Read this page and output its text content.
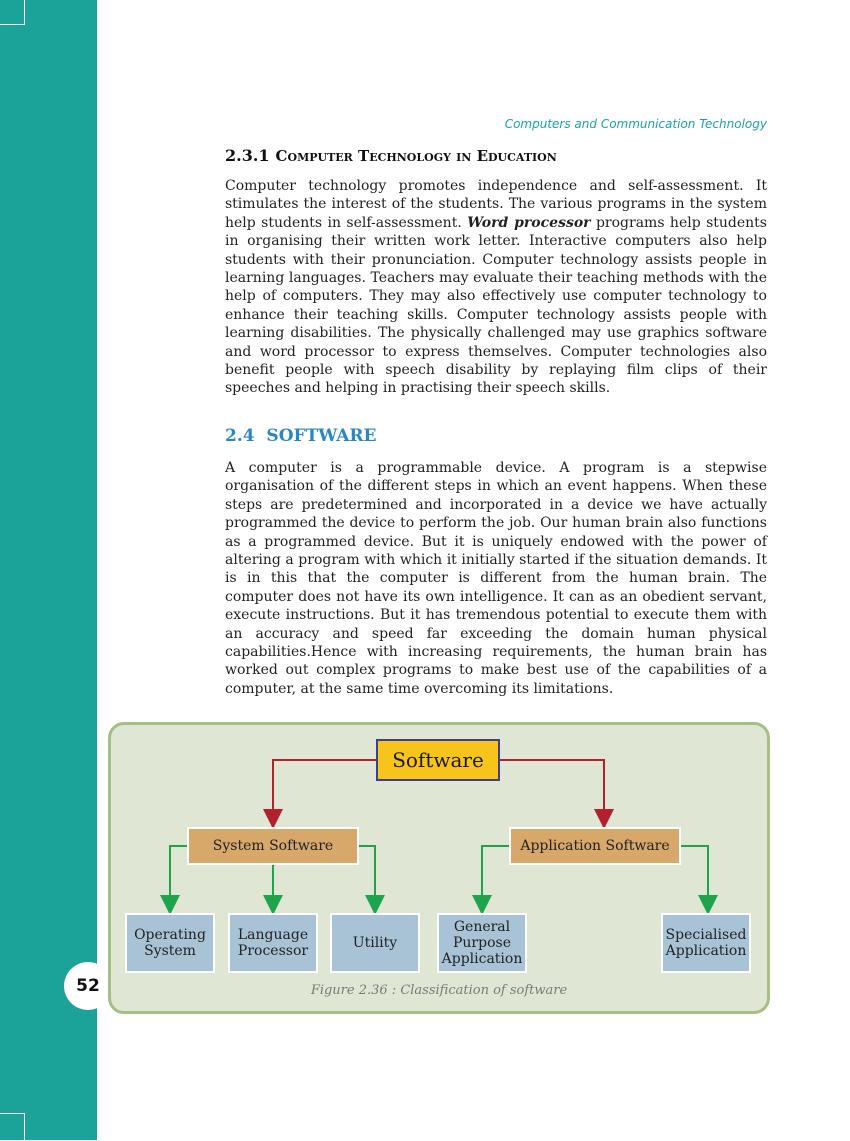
52
Computers and Communication Technology
2.3.1 Computer Technology in Education
Computer technology promotes independence and self-assessment. It stimulates the interest of the students. The various programs in the system help students in self-assessment. Word processor programs help students in organising their written work letter. Interactive computers also help students with their pronunciation. Computer technology assists people in learning languages. Teachers may evaluate their teaching methods with the help of computers. They may also effectively use computer technology to enhance their teaching skills. Computer technology assists people with learning disabilities. The physically challenged may use graphics software and word processor to express themselves. Computer technologies also benefit people with speech disability by replaying film clips of their speeches and helping in practising their speech skills.
2.4 SOFTWARE
A computer is a programmable device. A program is a stepwise organisation of the different steps in which an event happens. When these steps are predetermined and incorporated in a device we have actually programmed the device to perform the job. Our human brain also functions as a programmed device. But it is uniquely endowed with the power of altering a program with which it initially started if the situation demands. It is in this that the computer is different from the human brain. The computer does not have its own intelligence. It can as an obedient servant, execute instructions. But it has tremendous potential to execute them with an accuracy and speed far exceeding the domain human physical capabilities.Hence with increasing requirements, the human brain has worked out complex programs to make best use of the capabilities of a computer, at the same time overcoming its limitations.
Software
System Software	Application Software
Operating System
Language Processor	Utility
General Purpose Application
Specialised Application
Figure 2.36 : Classification of software
